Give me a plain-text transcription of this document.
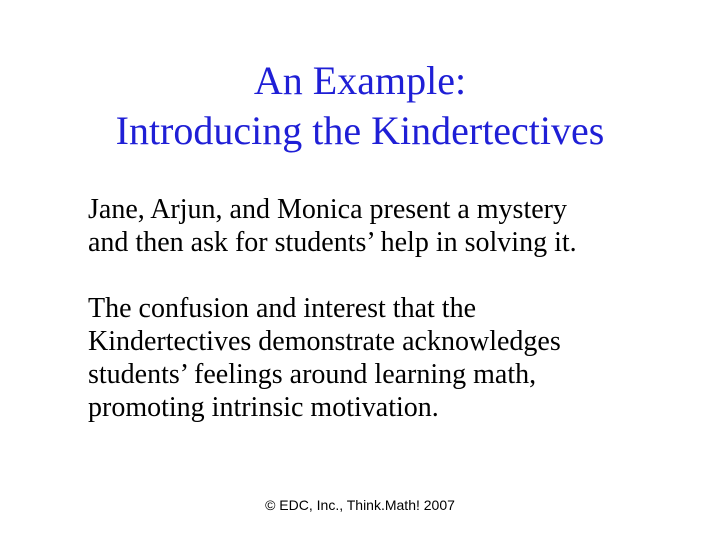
An Example:
Introducing the Kindertectives
Jane, Arjun, and Monica present a mystery
and then ask for students’ help in solving it.
The confusion and interest that the
Kindertectives demonstrate acknowledges
students’ feelings around learning math,
promoting intrinsic motivation.
© EDC, Inc., Think.Math! 2007
